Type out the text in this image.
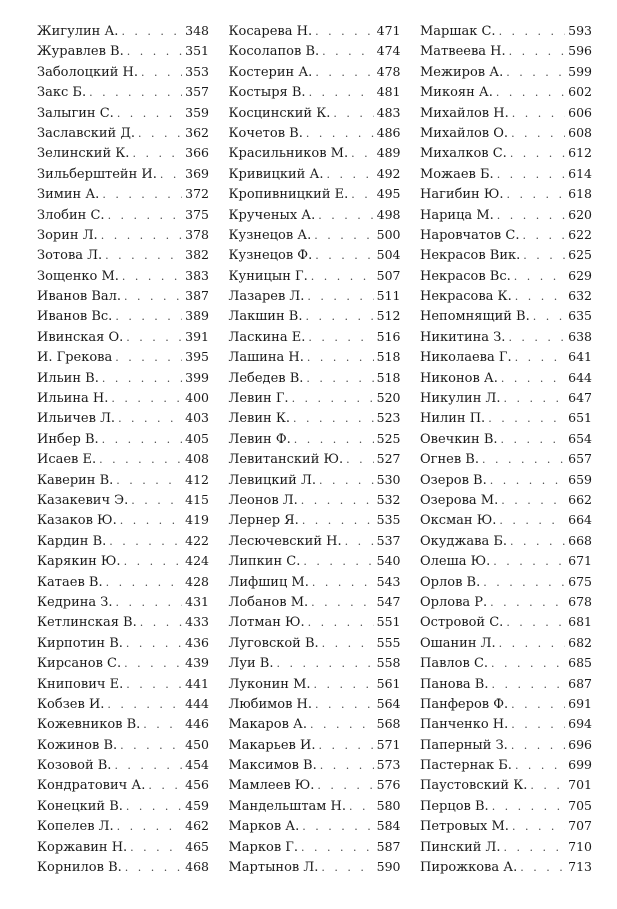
Жигулин А. . . .	348
Журавлев В. . . .	351
Заболоцкий Н. . . .	353
Закс Б. . . .	357
Залыгин С. . . .	359
Заславский Д. . . .	362
Зелинский К. . . .	366
Зильберштейн И. . . . 369
Зимин А. . . .	372
Злобин С. . . .	375
Зорин Л. . . .	378
Зотова Л. . . .	382
Зощенко М. . . .	383
Иванов Вал. . . .	387
Иванов Вс. . . .	389
Ивинская О. . . .	391
И. Грекова . . .	395
Ильин В. . . .	399
Ильина Н. . . .	400
Ильичев Л. . . .	403
Инбер В. . . .	405
Исаев Е. . . .	408
Каверин В. . . .	412
Казакевич Э. . . .	415
Казаков Ю. . . .	419
Кардин В. . . .	422
Карякин Ю. . . .	424
Катаев В. . . .	428
Кедрина З. . . .	431
Кетлинская В. . . .	433
Кирпотин В. . . .	436
Кирсанов С. . . .	439
Книпович Е. . . .	441
Кобзев И. . . .	444
Кожевников В. . . .	446
Кожинов В. . . .	450
Козовой В. . . .	454
Кондратович А. . . .	456
Конецкий В. . . .	459
Копелев Л. . . .	462
Коржавин Н. . . .	465
Корнилов В. . . .	468
Косарева Н. . . .	471
Косолапов В. . . .	474
Костерин А. . . .	478
Костыря В. . . .	481
Косцинский К. . . .	483
Кочетов В. . . .	486
Красильников М. . . . 489
Кривицкий А. . . .	492
Кропивницкий Е. . . . 495
Крученых А. . . .	498
Кузнецов А. . . .	500
Кузнецов Ф. . . .	504
Куницын Г. . . .	507
Лазарев Л. . . .	511
Лакшин В. . . .	512
Ласкина Е. . . .	516
Лашина Н. . . .	518
Лебедев В. . . .	518
Левин Г. . . .	520
Левин К. . . .	523
Левин Ф. . . .	525
Левитанский Ю. . . .	527
Левицкий Л. . . .	530
Леонов Л. . . .	532
Лернер Я. . . .	535
Лесючевский Н. . . .	537
Липкин С. . . .	540
Лифшиц М. . . .	543
Лобанов М. . . .	547
Лотман Ю. . . .	551
Луговской В. . . .	555
Луи В. . . .	558
Луконин М. . . .	561
Любимов Н. . . .	564
Макаров А. . . .	568
Макарьев И. . . .	571
Максимов В. . . .	573
Мамлеев Ю. . . .	576
Мандельштам Н. . . . 580
Марков А. . . .	584
Марков Г. . . .	587
Мартынов Л. . . .	590
Маршак С. . . .	593
Матвеева Н. . . .	596
Межиров А. . . .	599
Микоян А. . . .	602
Михайлов Н. . . .	606
Михайлов О. . . .	608
Михалков С. . . .	612
Можаев Б. . . .	614
Нагибин Ю. . . .	618
Нарица М. . . .	620
Наровчатов С. . . .	622
Некрасов Вик. . . .	625
Некрасов Вс. . . .	629
Некрасова К. . . .	632
Непомнящий В. . . .	635
Никитина З. . . .	638
Николаева Г. . . .	641
Никонов А. . . .	644
Никулин Л. . . .	647
Нилин П. . . .	651
Овечкин В. . . .	654
Огнев В. . . .	657
Озеров В. . . .	659
Озерова М. . . .	662
Оксман Ю. . . .	664
Окуджава Б. . . .	668
Олеша Ю. . . .	671
Орлов В. . . .	675
Орлова Р. . . .	678
Островой С. . . .	681
Ошанин Л. . . .	682
Павлов С. . . .	685
Панова В. . . .	687
Панферов Ф. . . .	691
Панченко Н. . . .	694
Паперный З. . . .	696
Пастернак Б. . . .	699
Паустовский К. . . .	701
Перцов В. . . .	705
Петровых М. . . .	707
Пинский Л. . . .	710
Пирожкова А. . . .	713
